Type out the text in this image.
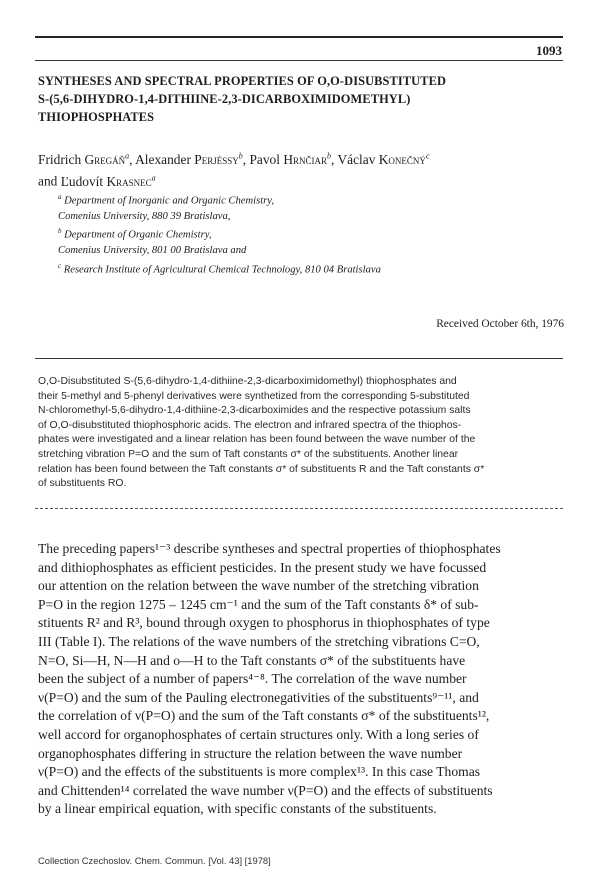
1093
SYNTHESES AND SPECTRAL PROPERTIES OF O,O-DISUBSTITUTED
S-(5,6-DIHYDRO-1,4-DITHIINE-2,3-DICARBOXIMIDOMETHYL)
THIOPHOSPHATES
Fridrich Gregáň$^a$, Alexander Perjéssy$^b$, Pavol Hrnčiar$^b$, Václav Konečný$^c$
and Ľudovít Krasnec$^a$
$^a$ Department of Inorganic and Organic Chemistry,
Comenius University, 880 39 Bratislava,
$^b$ Department of Organic Chemistry,
Comenius University, 801 00 Bratislava and
$^c$ Research Institute of Agricultural Chemical Technology, 810 04 Bratislava
Received October 6th, 1976
O,O-Disubstituted S-(5,6-dihydro-1,4-dithiine-2,3-dicarboximidomethyl) thiophosphates and
their 5-methyl and 5-phenyl derivatives were synthetized from the corresponding 5-substituted
N-chloromethyl-5,6-dihydro-1,4-dithiine-2,3-dicarboximides and the respective potassium salts
of O,O-disubstituted thiophosphoric acids. The electron and infrared spectra of the thiophos-
phates were investigated and a linear relation has been found between the wave number of the
stretching vibration P=O and the sum of Taft constants σ* of the substituents. Another linear
relation has been found between the Taft constants σ* of substituents R and the Taft constants σ*
of substituents RO.
The preceding papers¹⁻³ describe syntheses and spectral properties of thiophosphates
and dithiophosphates as efficient pesticides. In the present study we have focussed
our attention on the relation between the wave number of the stretching vibration
P=O in the region 1275 – 1245 cm⁻¹ and the sum of the Taft constants δ* of sub-
stituents R² and R³, bound through oxygen to phosphorus in thiophosphates of type
III (Table I). The relations of the wave numbers of the stretching vibrations C=O,
N=O, Si—H, N—H and o—H to the Taft constants σ* of the substituents have
been the subject of a number of papers⁴⁻⁸. The correlation of the wave number
ν(P=O) and the sum of the Pauling electronegativities of the substituents⁹⁻¹¹, and
the correlation of ν(P=O) and the sum of the Taft constants σ* of the substituents¹²,
well accord for organophosphates of certain structures only. With a long series of
organophosphates differing in structure the relation between the wave number
ν(P=O) and the effects of the substituents is more complex¹³. In this case Thomas
and Chittenden¹⁴ correlated the wave number ν(P=O) and the effects of substituents
by a linear empirical equation, with specific constants of the substituents.
Collection Czechoslov. Chem. Commun. [Vol. 43] [1978]
